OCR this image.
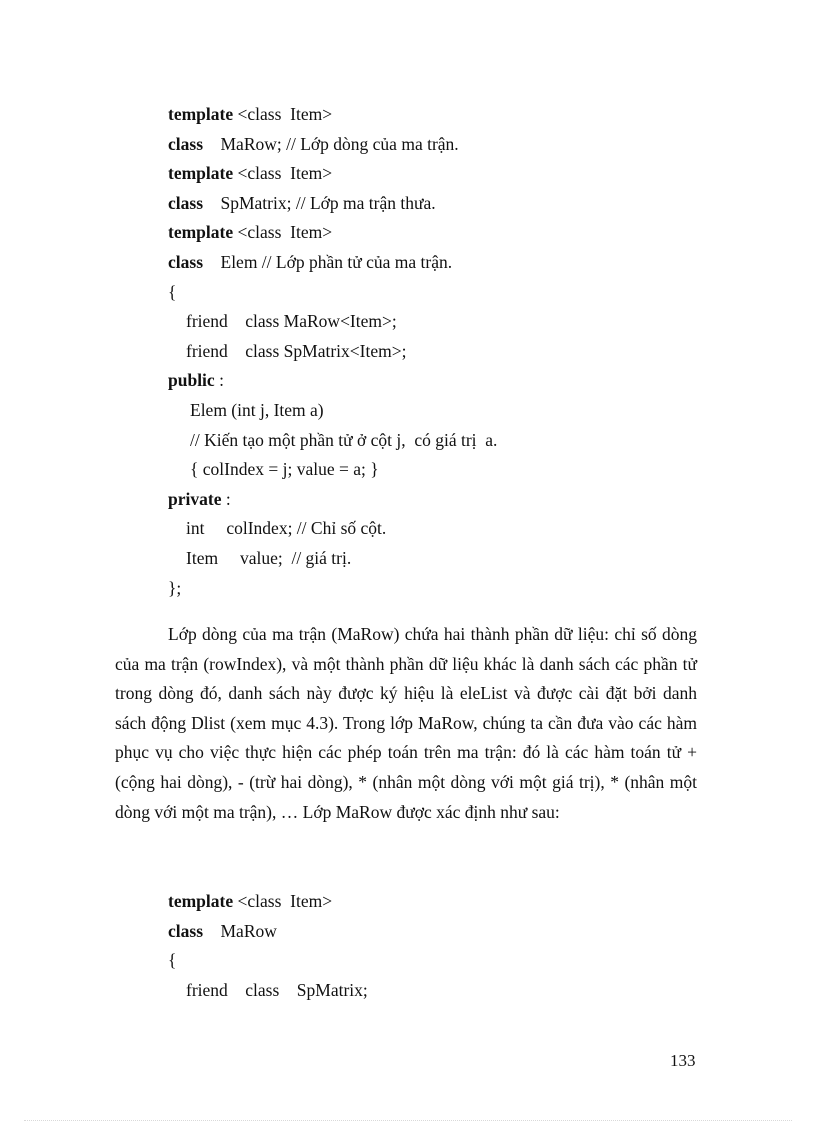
template <class  Item>
class    MaRow; // Lớp dòng của ma trận.
template <class  Item>
class    SpMatrix; // Lớp ma trận thưa.
template <class  Item>
class    Elem // Lớp phần tử của ma trận.
{
friend    class MaRow<Item>;
friend    class SpMatrix<Item>;
public :
Elem (int j, Item a)
// Kiến tạo một phần tử ở cột j,  có giá trị  a.
{ colIndex = j; value = a; }
private :
int     colIndex; // Chỉ số cột.
Item     value;  // giá trị.
};

Lớp dòng của ma trận (MaRow) chứa hai thành phần dữ liệu: chỉ số dòng của ma trận (rowIndex), và một thành phần dữ liệu khác là danh sách các phần tử trong dòng đó, danh sách này được ký hiệu là eleList và được cài đặt bởi danh sách động Dlist (xem mục 4.3). Trong lớp MaRow, chúng ta cần đưa vào các hàm phục vụ cho việc thực hiện các phép toán trên ma trận: đó là các hàm toán tử + (cộng hai dòng), - (trừ hai dòng), * (nhân một dòng với một giá trị), * (nhân một dòng với một ma trận), … Lớp MaRow được xác định như sau:

template <class  Item>
class    MaRow
{
friend    class    SpMatrix;
133
